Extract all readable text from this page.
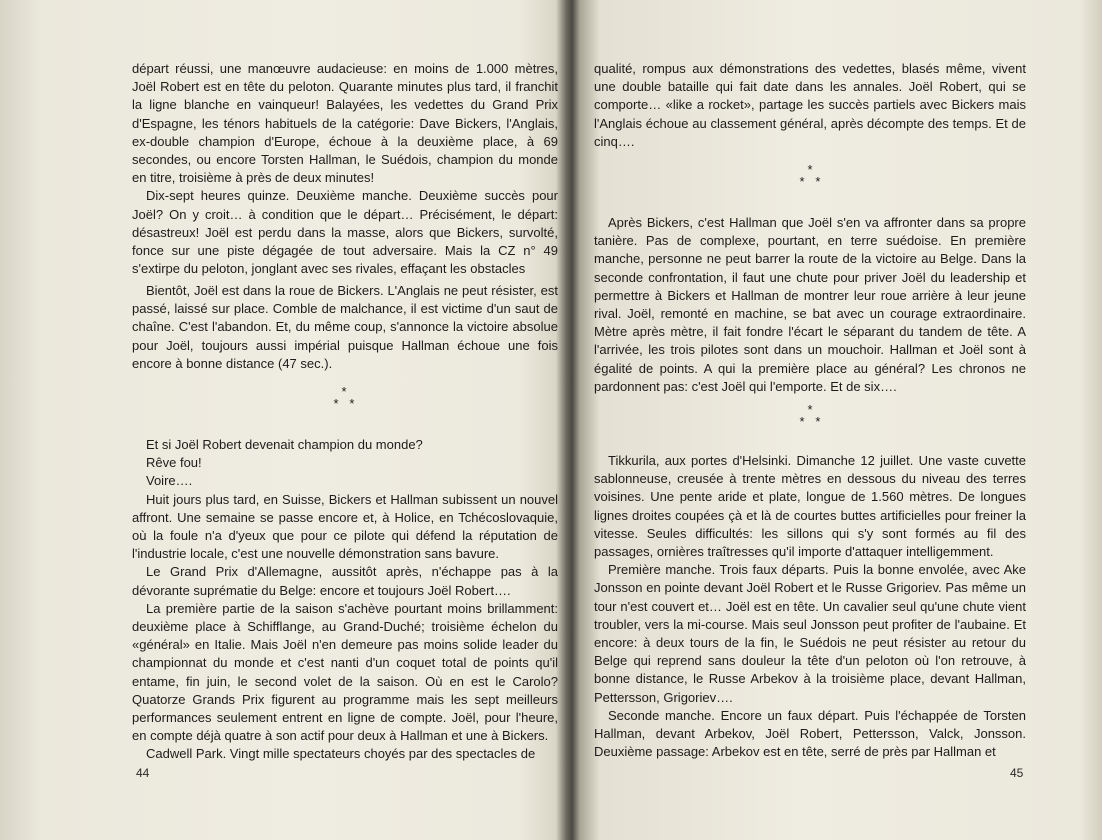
départ réussi, une manœuvre audacieuse: en moins de 1.000 mètres, Joël Robert est en tête du peloton. Quarante minutes plus tard, il franchit la ligne blanche en vainqueur! Balayées, les vedettes du Grand Prix d'Espagne, les ténors habituels de la catégorie: Dave Bickers, l'Anglais, ex-double champion d'Europe, échoue à la deuxième place, à 69 secondes, ou encore Torsten Hallman, le Suédois, champion du monde en titre, troisième à près de deux minutes!

Dix-sept heures quinze. Deuxième manche. Deuxième succès pour Joël? On y croit… à condition que le départ… Précisément, le départ: désastreux! Joël est perdu dans la masse, alors que Bickers, survolté, fonce sur une piste dégagée de tout adversaire. Mais la CZ n° 49 s'extirpe du peloton, jonglant avec ses rivales, effaçant les obstacles

Bientôt, Joël est dans la roue de Bickers. L'Anglais ne peut résister, est passé, laissé sur place. Comble de malchance, il est victime d'un saut de chaîne. C'est l'abandon. Et, du même coup, s'annonce la victoire absolue pour Joël, toujours aussi impérial puisque Hallman échoue une fois encore à bonne distance (47 sec.).

*
* *

Et si Joël Robert devenait champion du monde?

Rêve fou!

Voire….

Huit jours plus tard, en Suisse, Bickers et Hallman subissent un nouvel affront. Une semaine se passe encore et, à Holice, en Tchécoslovaquie, où la foule n'a d'yeux que pour ce pilote qui défend la réputation de l'industrie locale, c'est une nouvelle démonstration sans bavure.

Le Grand Prix d'Allemagne, aussitôt après, n'échappe pas à la dévorante suprématie du Belge: encore et toujours Joël Robert….

La première partie de la saison s'achève pourtant moins brillamment: deuxième place à Schifflange, au Grand-Duché; troisième échelon du «général» en Italie. Mais Joël n'en demeure pas moins solide leader du championnat du monde et c'est nanti d'un coquet total de points qu'il entame, fin juin, le second volet de la saison. Où en est le Carolo? Quatorze Grands Prix figurent au programme mais les sept meilleurs performances seulement entrent en ligne de compte. Joël, pour l'heure, en compte déjà quatre à son actif pour deux à Hallman et une à Bickers.

Cadwell Park. Vingt mille spectateurs choyés par des spectacles de

44

qualité, rompus aux démonstrations des vedettes, blasés même, vivent une double bataille qui fait date dans les annales. Joël Robert, qui se comporte… «like a rocket», partage les succès partiels avec Bickers mais l'Anglais échoue au classement général, après décompte des temps. Et de cinq….

*
* *

Après Bickers, c'est Hallman que Joël s'en va affronter dans sa propre tanière. Pas de complexe, pourtant, en terre suédoise. En première manche, personne ne peut barrer la route de la victoire au Belge. Dans la seconde confrontation, il faut une chute pour priver Joël du leadership et permettre à Bickers et Hallman de montrer leur roue arrière à leur jeune rival. Joël, remonté en machine, se bat avec un courage extraordinaire. Mètre après mètre, il fait fondre l'écart le séparant du tandem de tête. A l'arrivée, les trois pilotes sont dans un mouchoir. Hallman et Joël sont à égalité de points. A qui la première place au général? Les chronos ne pardonnent pas: c'est Joël qui l'emporte. Et de six….

*
* *

Tikkurila, aux portes d'Helsinki. Dimanche 12 juillet. Une vaste cuvette sablonneuse, creusée à trente mètres en dessous du niveau des terres voisines. Une pente aride et plate, longue de 1.560 mètres. De longues lignes droites coupées çà et là de courtes buttes artificielles pour freiner la vitesse. Seules difficultés: les sillons qui s'y sont formés au fil des passages, ornières traîtresses qu'il importe d'attaquer intelligemment.

Première manche. Trois faux départs. Puis la bonne envolée, avec Ake Jonsson en pointe devant Joël Robert et le Russe Grigoriev. Pas même un tour n'est couvert et… Joël est en tête. Un cavalier seul qu'une chute vient troubler, vers la mi-course. Mais seul Jonsson peut profiter de l'aubaine. Et encore: à deux tours de la fin, le Suédois ne peut résister au retour du Belge qui reprend sans douleur la tête d'un peloton où l'on retrouve, à bonne distance, le Russe Arbekov à la troisième place, devant Hallman, Pettersson, Grigoriev….

Seconde manche. Encore un faux départ. Puis l'échappée de Torsten Hallman, devant Arbekov, Joël Robert, Pettersson, Valck, Jonsson. Deuxième passage: Arbekov est en tête, serré de près par Hallman et

45
